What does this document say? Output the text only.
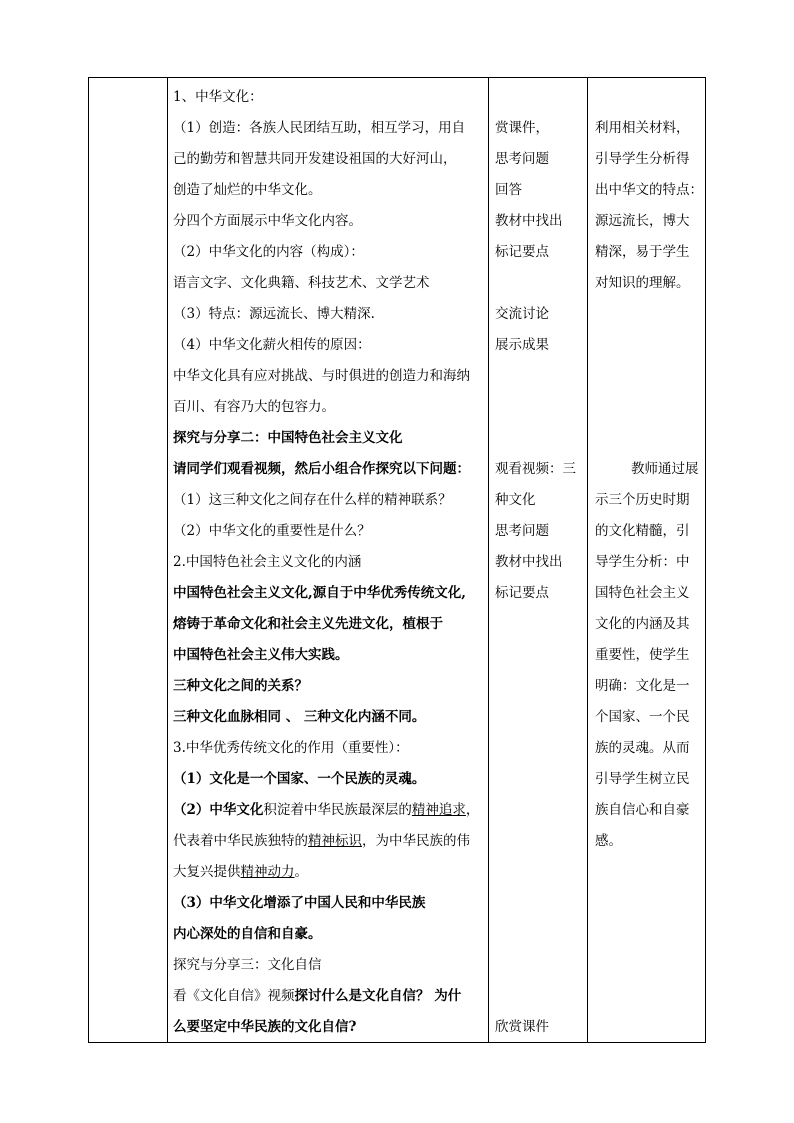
1、中华文化：
（1）创造：各族人民团结互助，相互学习，用自
己的勤劳和智慧共同开发建设祖国的大好河山，
创造了灿烂的中华文化。
分四个方面展示中华文化内容。
（2）中华文化的内容（构成）：
语言文字、文化典籍、科技艺术、文学艺术
（3）特点：源远流长、博大精深.
（4）中华文化薪火相传的原因：
中华文化具有应对挑战、与时俱进的创造力和海纳
百川、有容乃大的包容力。
探究与分享二：中国特色社会主义文化
请同学们观看视频，然后小组合作探究以下问题：
（1）这三种文化之间存在什么样的精神联系？
（2）中华文化的重要性是什么？
2.中国特色社会主义文化的内涵
中国特色社会主义文化,源自于中华优秀传统文化,
熔铸于革命文化和社会主义先进文化，植根于
中国特色社会主义伟大实践。
三种文化之间的关系？
三种文化血脉相同 、 三种文化内涵不同。
3.中华优秀传统文化的作用（重要性）：
（1）文化是一个国家、一个民族的灵魂。
（2）中华文化积淀着中华民族最深层的精神追求，
代表着中华民族独特的精神标识，为中华民族的伟
大复兴提供精神动力。
（3）中华文化增添了中国人民和中华民族
内心深处的自信和自豪。
探究与分享三：文化自信
看《文化自信》视频探讨什么是文化自信？ 为什
么要坚定中华民族的文化自信?
赏课件，
思考问题
回答
教材中找出
标记要点
交流讨论
展示成果
观看视频：三
种文化
思考问题
教材中找出
标记要点
欣赏课件
利用相关材料，
引导学生分析得
出中华文的特点：
源远流长，博大
精深，易于学生
对知识的理解。
教师通过展
示三个历史时期
的文化精髓，引
导学生分析：中
国特色社会主义
文化的内涵及其
重要性，使学生
明确：文化是一
个国家、一个民
族的灵魂。从而
引导学生树立民
族自信心和自豪
感。
